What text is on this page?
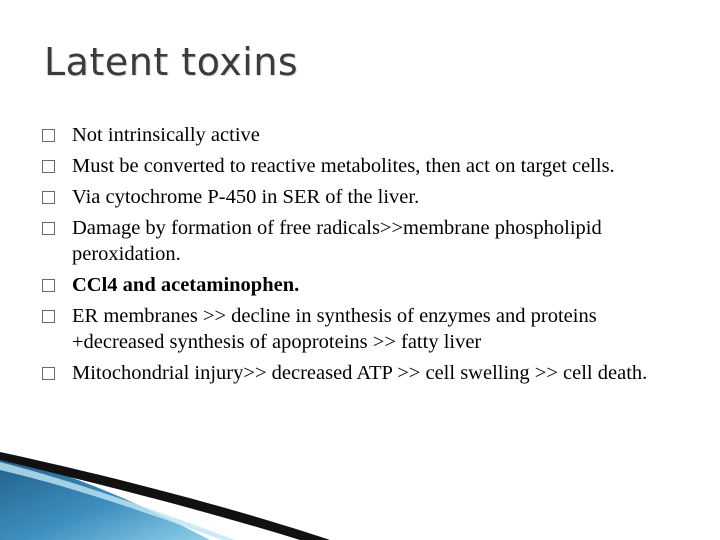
Latent toxins
Not intrinsically active
Must be converted to reactive metabolites, then act on target cells.
Via cytochrome P-450 in SER of the liver.
Damage by formation of free radicals>>membrane phospholipid peroxidation.
CCl4 and acetaminophen.
ER membranes >> decline in synthesis of enzymes and proteins +decreased synthesis of apoproteins >> fatty liver
Mitochondrial injury>> decreased ATP >> cell swelling >> cell death.
